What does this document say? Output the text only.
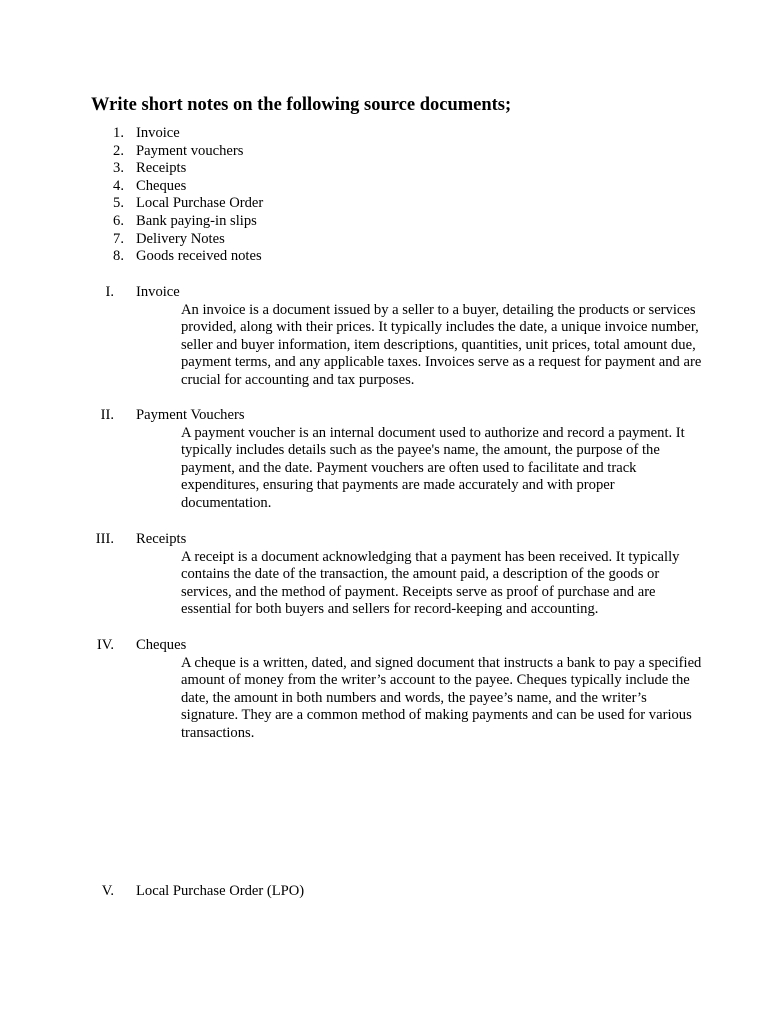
Write short notes on the following source documents;
1. Invoice
2. Payment vouchers
3. Receipts
4. Cheques
5. Local Purchase Order
6. Bank paying-in slips
7. Delivery Notes
8. Goods received notes
I. Invoice
An invoice is a document issued by a seller to a buyer, detailing the products or services
provided, along with their prices. It typically includes the date, a unique invoice number,
seller and buyer information, item descriptions, quantities, unit prices, total amount due,
payment terms, and any applicable taxes. Invoices serve as a request for payment and are
crucial for accounting and tax purposes.
II. Payment Vouchers
A payment voucher is an internal document used to authorize and record a payment. It
typically includes details such as the payee's name, the amount, the purpose of the
payment, and the date. Payment vouchers are often used to facilitate and track
expenditures, ensuring that payments are made accurately and with proper
documentation.
III. Receipts
A receipt is a document acknowledging that a payment has been received. It typically
contains the date of the transaction, the amount paid, a description of the goods or
services, and the method of payment. Receipts serve as proof of purchase and are
essential for both buyers and sellers for record-keeping and accounting.
IV. Cheques
A cheque is a written, dated, and signed document that instructs a bank to pay a specified
amount of money from the writer’s account to the payee. Cheques typically include the
date, the amount in both numbers and words, the payee’s name, and the writer’s
signature. They are a common method of making payments and can be used for various
transactions.
V. Local Purchase Order (LPO)
